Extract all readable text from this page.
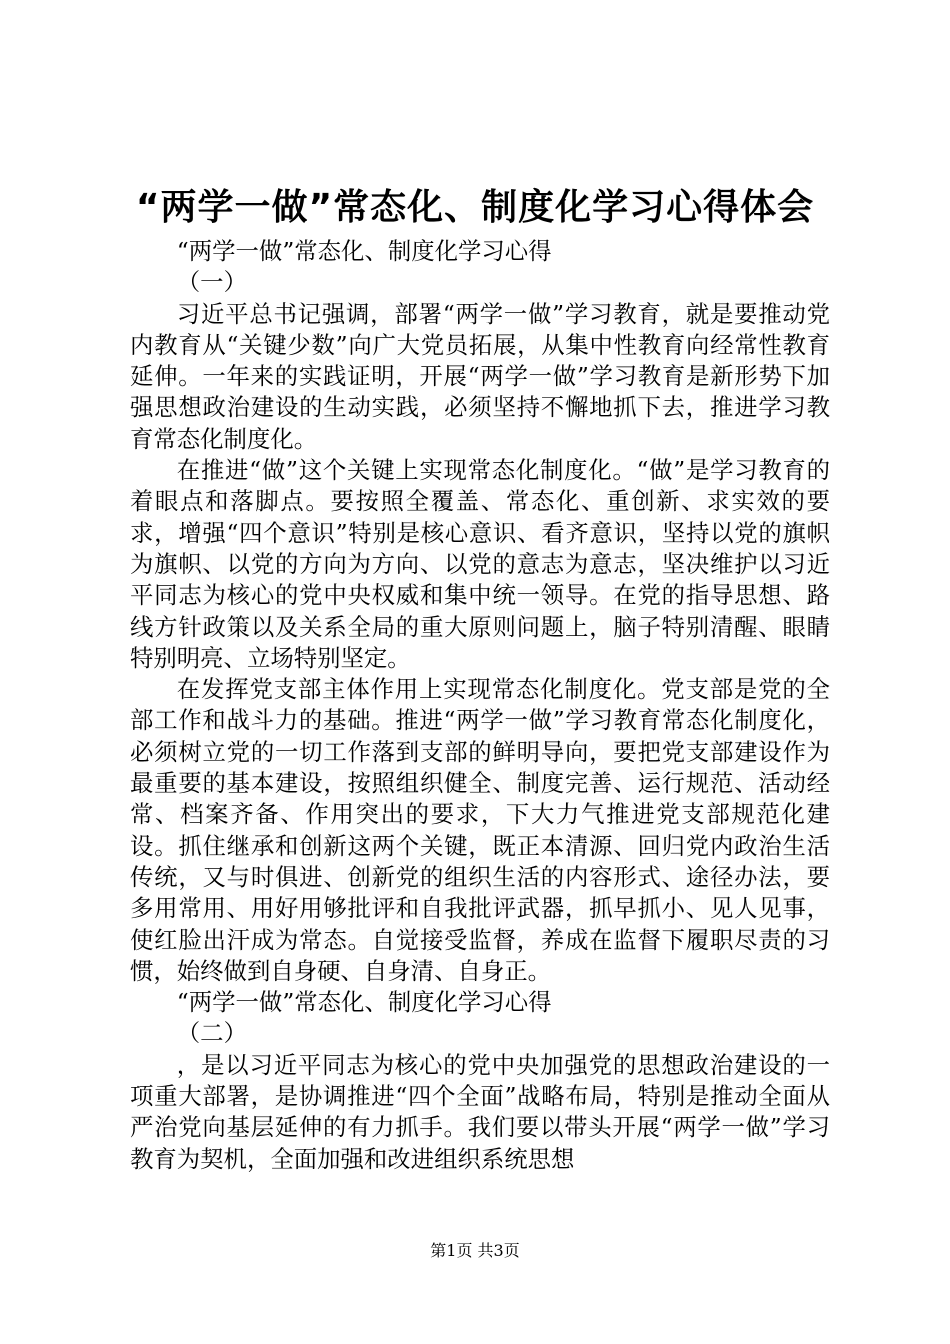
“两学一做”常态化、制度化学习心得体会

“两学一做”常态化、制度化学习心得

（一）

习近平总书记强调，部署“两学一做”学习教育，就是要推动党内教育从“关键少数”向广大党员拓展，从集中性教育向经常性教育延伸。一年来的实践证明，开展“两学一做”学习教育是新形势下加强思想政治建设的生动实践，必须坚持不懈地抓下去，推进学习教育常态化制度化。

在推进“做”这个关键上实现常态化制度化。“做”是学习教育的着眼点和落脚点。要按照全覆盖、常态化、重创新、求实效的要求，增强“四个意识”特别是核心意识、看齐意识，坚持以党的旗帜为旗帜、以党的方向为方向、以党的意志为意志，坚决维护以习近平同志为核心的党中央权威和集中统一领导。在党的指导思想、路线方针政策以及关系全局的重大原则问题上，脑子特别清醒、眼睛特别明亮、立场特别坚定。

在发挥党支部主体作用上实现常态化制度化。党支部是党的全部工作和战斗力的基础。推进“两学一做”学习教育常态化制度化，必须树立党的一切工作落到支部的鲜明导向，要把党支部建设作为最重要的基本建设，按照组织健全、制度完善、运行规范、活动经常、档案齐备、作用突出的要求，下大力气推进党支部规范化建设。抓住继承和创新这两个关键，既正本清源、回归党内政治生活传统，又与时俱进、创新党的组织生活的内容形式、途径办法，要多用常用、用好用够批评和自我批评武器，抓早抓小、见人见事，使红脸出汗成为常态。自觉接受监督，养成在监督下履职尽责的习惯，始终做到自身硬、自身清、自身正。

“两学一做”常态化、制度化学习心得

（二）

，是以习近平同志为核心的党中央加强党的思想政治建设的一项重大部署，是协调推进“四个全面”战略布局，特别是推动全面从严治党向基层延伸的有力抓手。我们要以带头开展“两学一做”学习教育为契机，全面加强和改进组织系统思想

第1页 共3页
